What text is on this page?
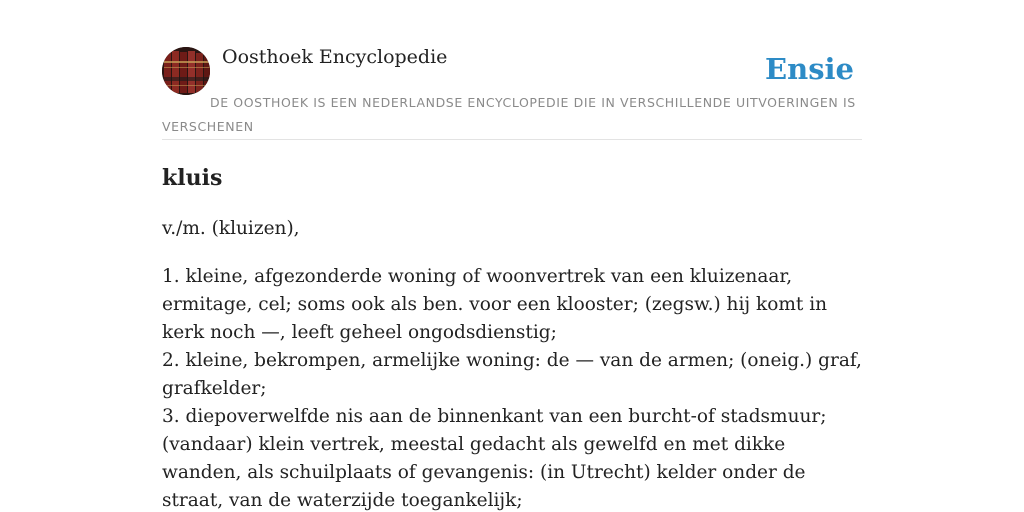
Oosthoek Encyclopedie	Ensie
DE OOSTHOEK IS EEN NEDERLANDSE ENCYCLOPEDIE DIE IN VERSCHILLENDE UITVOERINGEN IS VERSCHENEN
kluis
v./m. (kluizen),
1. kleine, afgezonderde woning of woonvertrek van een kluizenaar, ermitage, cel; soms ook als ben. voor een klooster; (zegsw.) hij komt in kerk noch —, leeft geheel ongodsdienstig;
2. kleine, bekrompen, armelijke woning: de — van de armen; (oneig.) graf, grafkelder;
3. diepoverwelfde nis aan de binnenkant van een burcht-of stadsmuur; (vandaar) klein vertrek, meestal gedacht als gewelfd en met dikke wanden, als schuilplaats of gevangenis: (in Utrecht) kelder onder de straat, van de waterzijde toegankelijk;
